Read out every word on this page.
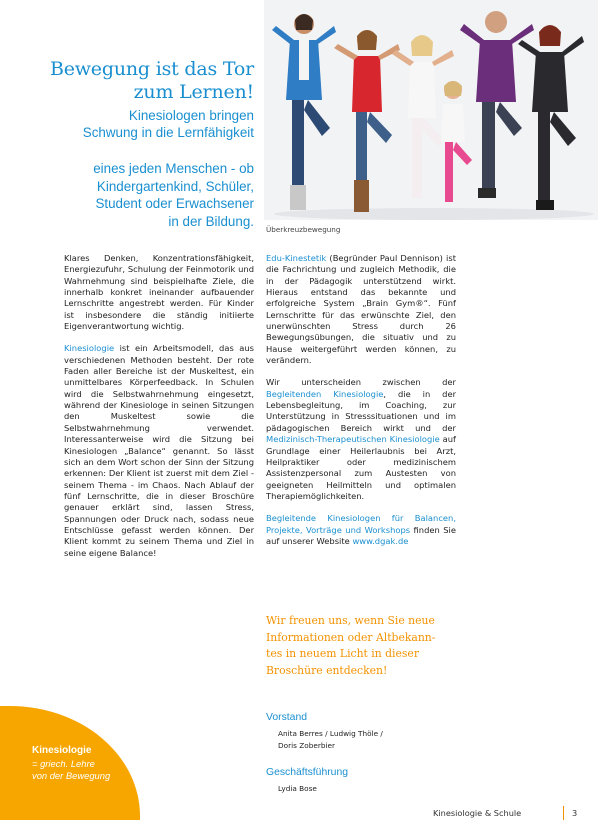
Bewegung ist das Tor
zum Lernen!
Kinesiologen bringen
Schwung in die Lernfähigkeit
eines jeden Menschen - ob
Kindergartenkind, Schüler,
Student oder Erwachsener
in der Bildung.
Überkreuzbewegung

Klares Denken, Konzentrationsfähigkeit, Energiezufuhr, Schulung der Feinmotorik und Wahrnehmung sind beispielhafte Ziele, die innerhalb konkret ineinander aufbauender Lernschritte angestrebt werden. Für Kinder ist insbesondere die ständig initiierte Eigenverantwortung wichtig.

Kinesiologie ist ein Arbeitsmodell, das aus verschiedenen Methoden besteht. Der rote Faden aller Bereiche ist der Muskeltest, ein unmittelbares Körperfeedback. In Schulen wird die Selbstwahrnehmung eingesetzt, während der Kinesiologe in seinen Sitzungen den Muskeltest sowie die Selbstwahrnehmung verwendet. Interessanterweise wird die Sitzung bei Kinesiologen „Balance“ genannt. So lässt sich an dem Wort schon der Sinn der Sitzung erkennen: Der Klient ist zuerst mit dem Ziel - seinem Thema - im Chaos. Nach Ablauf der fünf Lernschritte, die in dieser Broschüre genauer erklärt sind, lassen Stress, Spannungen oder Druck nach, sodass neue Entschlüsse gefasst werden können. Der Klient kommt zu seinem Thema und Ziel in seine eigene Balance!

Edu-Kinestetik (Begründer Paul Dennison) ist die Fachrichtung und zugleich Methodik, die in der Pädagogik unterstützend wirkt. Hieraus entstand das bekannte und erfolgreiche System „Brain Gym®“. Fünf Lernschritte für das erwünschte Ziel, den unerwünschten Stress durch 26 Bewegungsübungen, die situativ und zu Hause weitergeführt werden können, zu verändern.

Wir unterscheiden zwischen der Begleitenden Kinesiologie, die in der Lebensbegleitung, im Coaching, zur Unterstützung in Stresssituationen und im pädagogischen Bereich wirkt und der Medizinisch-Therapeutischen Kinesiologie auf Grundlage einer Heilerlaubnis bei Arzt, Heilpraktiker oder medizinischem Assistenzpersonal zum Austesten von geeigneten Heilmitteln und optimalen Therapiemöglichkeiten.

Begleitende Kinesiologen für Balancen, Projekte, Vorträge und Workshops finden Sie auf unserer Website www.dgak.de

Wir freuen uns, wenn Sie neue
Informationen oder Altbekann-
tes in neuem Licht in dieser
Broschüre entdecken!
Vorstand
Anita Berres / Ludwig Thöle /
Doris Zoberbier
Geschäftsführung
Lydia Bose
Kinesiologie
= griech. Lehre
von der Bewegung
Kinesiologie & Schule	3
